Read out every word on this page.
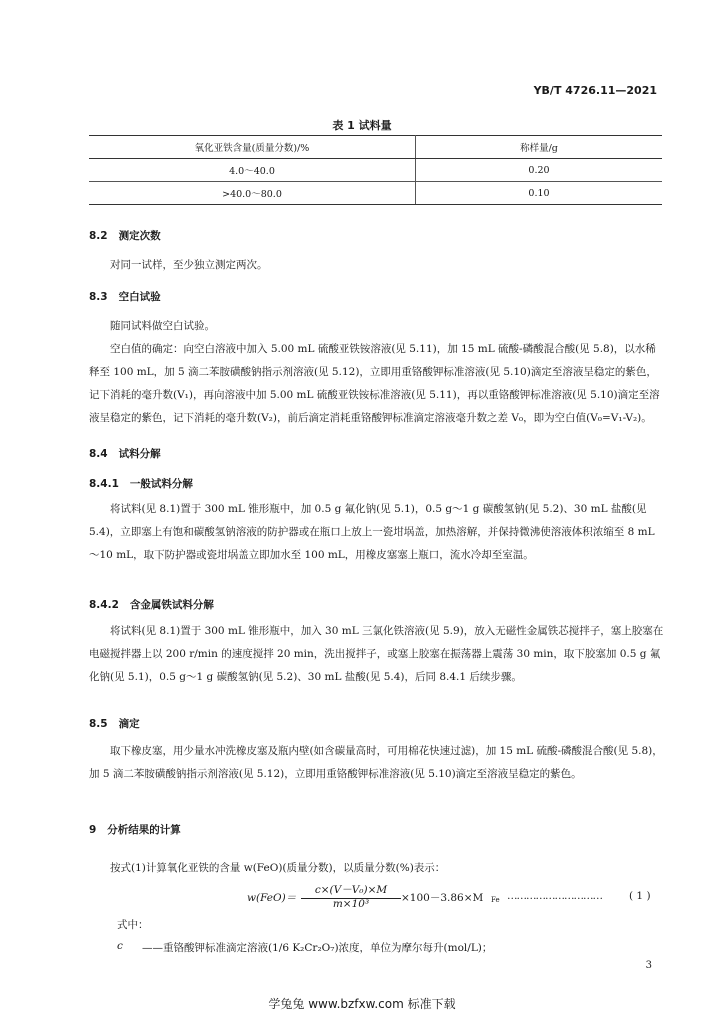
YB/T 4726.11—2021
表 1 试料量
氧化亚铁含量(质量分数)/%	称样量/g
4.0～40.0	0.20
>40.0～80.0	0.10
8.2 测定次数
对同一试样，至少独立测定两次。
8.3 空白试验
随同试料做空白试验。
空白值的确定：向空白溶液中加入 5.00 mL 硫酸亚铁铵溶液(见 5.11)，加 15 mL 硫酸-磷酸混合酸(见 5.8)，以水稀释至 100 mL，加 5 滴二苯胺磺酸钠指示剂溶液(见 5.12)，立即用重铬酸钾标准溶液(见 5.10)滴定至溶液呈稳定的紫色，记下消耗的毫升数(V₁)，再向溶液中加 5.00 mL 硫酸亚铁铵标准溶液(见 5.11)，再以重铬酸钾标准溶液(见 5.10)滴定至溶液呈稳定的紫色，记下消耗的毫升数(V₂)，前后滴定消耗重铬酸钾标准滴定溶液毫升数之差 V₀，即为空白值(V₀=V₁-V₂)。
8.4 试料分解
8.4.1 一般试料分解
将试料(见 8.1)置于 300 mL 锥形瓶中，加 0.5 g 氟化钠(见 5.1)，0.5 g～1 g 碳酸氢钠(见 5.2)、30 mL 盐酸(见 5.4)，立即塞上有饱和碳酸氢钠溶液的防护器或在瓶口上放上一瓷坩埚盖，加热溶解，并保持微沸使溶液体积浓缩至 8 mL～10 mL，取下防护器或瓷坩埚盖立即加水至 100 mL，用橡皮塞塞上瓶口，流水冷却至室温。
8.4.2 含金属铁试料分解
将试料(见 8.1)置于 300 mL 锥形瓶中，加入 30 mL 三氯化铁溶液(见 5.9)，放入无磁性金属铁芯搅拌子，塞上胶塞在电磁搅拌器上以 200 r/min 的速度搅拌 20 min，洗出搅拌子，或塞上胶塞在振荡器上震荡 30 min，取下胶塞加 0.5 g 氟化钠(见 5.1)，0.5 g～1 g 碳酸氢钠(见 5.2)、30 mL 盐酸(见 5.4)，后同 8.4.1 后续步骤。
8.5 滴定
取下橡皮塞，用少量水冲洗橡皮塞及瓶内壁(如含碳量高时，可用棉花快速过滤)，加 15 mL 硫酸-磷酸混合酸(见 5.8)，加 5 滴二苯胺磺酸钠指示剂溶液(见 5.12)，立即用重铬酸钾标准溶液(见 5.10)滴定至溶液呈稳定的紫色。
9 分析结果的计算
按式(1)计算氧化亚铁的含量 w(FeO)(质量分数)，以质量分数(%)表示：
w(FeO)＝
c×(V－V₀)×M
m×10³	×100－3.86×M Fe …………………………	( 1 )
式中：
c ——重铬酸钾标准滴定溶液(1/6 K₂Cr₂O₇)浓度，单位为摩尔每升(mol/L)；
3
学兔兔 www.bzfxw.com 标准下载
